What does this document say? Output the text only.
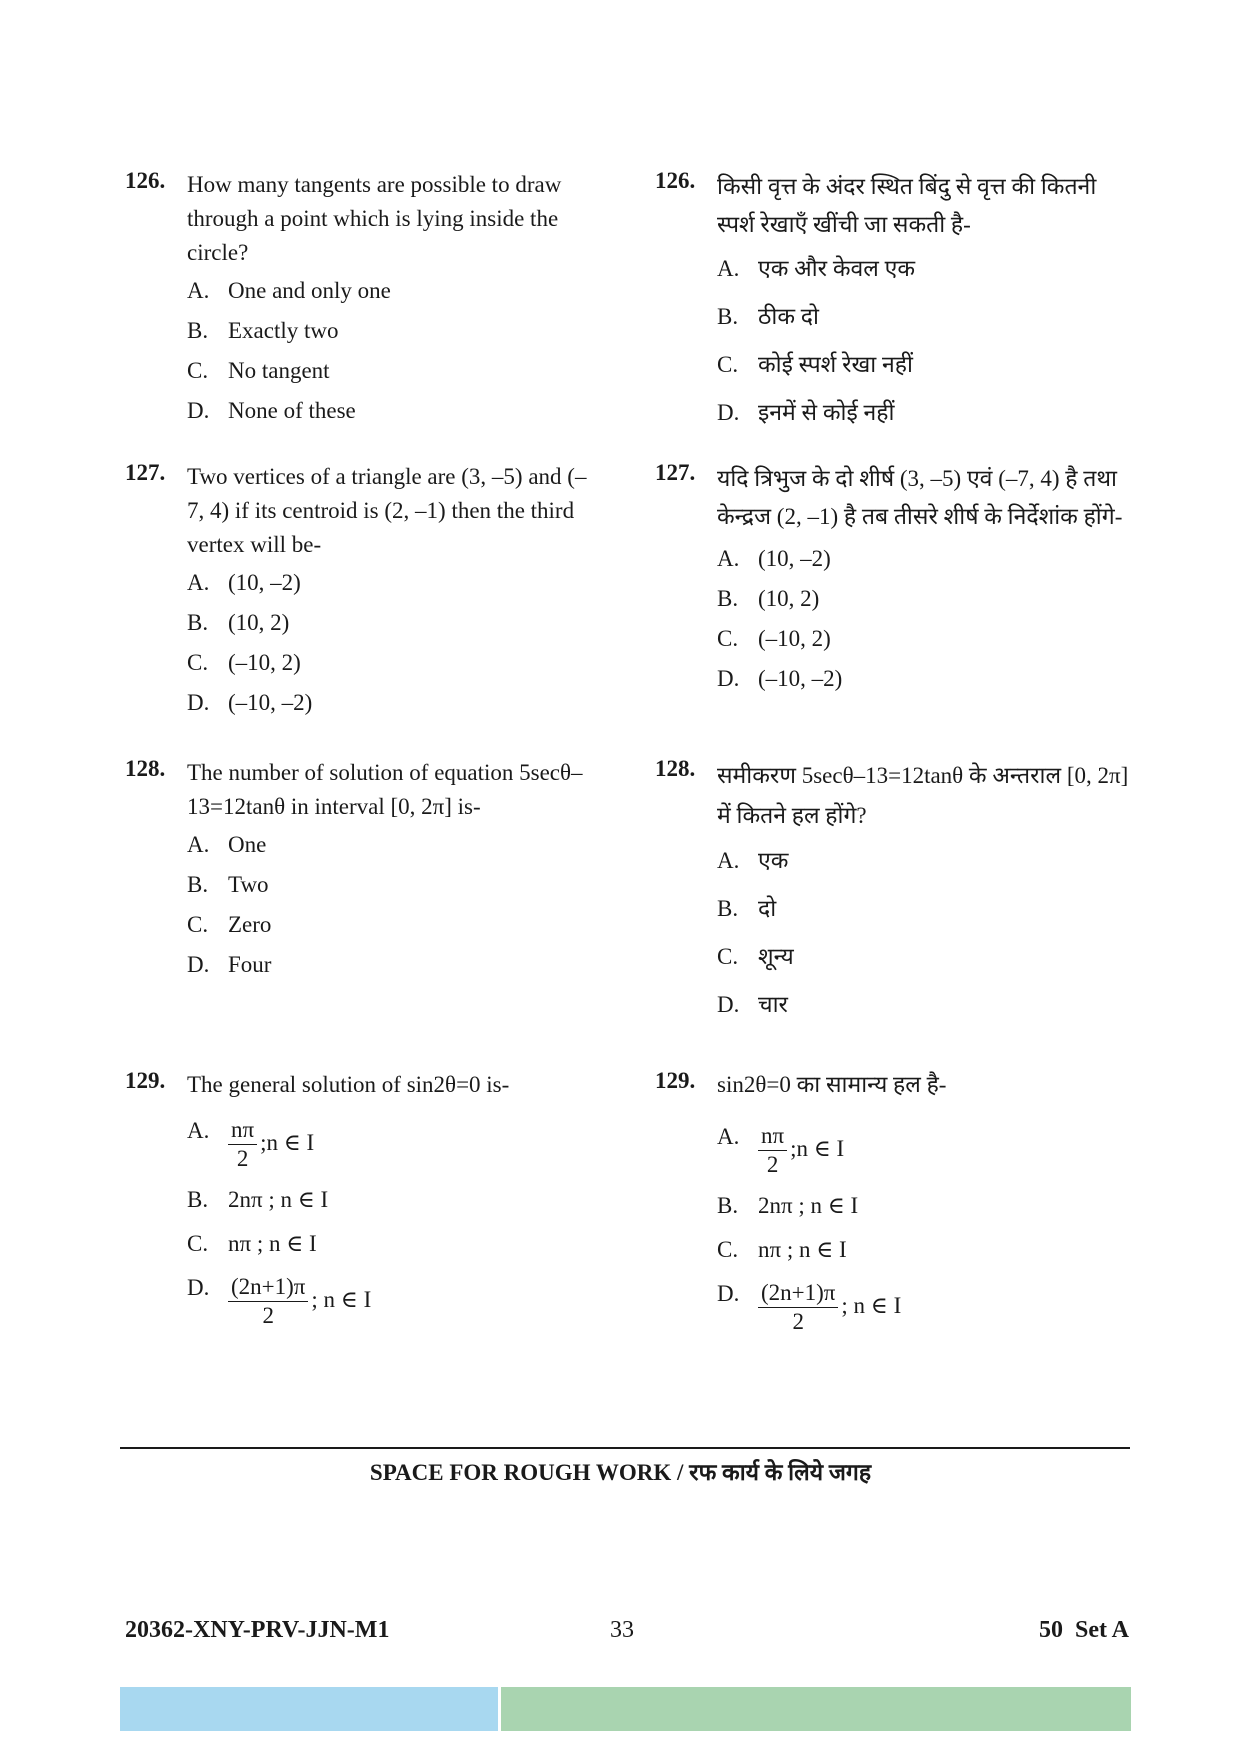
126. How many tangents are possible to draw through a point which is lying inside the circle?

A. One and only one
B. Exactly two
C. No tangent
D. None of these
127. Two vertices of a triangle are (3, –5) and (–7, 4) if its centroid is (2, –1) then the third vertex will be-

A. (10, –2)
B. (10, 2)
C. (–10, 2)
D. (–10, –2)
128. The number of solution of equation 5secθ–13=12tanθ in interval [0, 2π] is-

A. One
B. Two
C. Zero
D. Four
129. The general solution of sin2θ=0 is-

A. $\frac{n\pi}{2}$ ;n ∈ I
B. 2nπ ; n ∈ I
C. nπ ; n ∈ I
D. $\frac{(2n+1)\pi}{2}$ ; n ∈ I
126. किसी वृत्त के अंदर स्थित बिंदु से वृत्त की कितनी स्पर्श रेखाएँ खींची जा सकती है-

A. एक और केवल एक
B. ठीक दो
C. कोई स्पर्श रेखा नहीं
D. इनमें से कोई नहीं
127. यदि त्रिभुज के दो शीर्ष (3, –5) एवं (–7, 4) है तथा केन्द्रज (2, –1) है तब तीसरे शीर्ष के निर्देशांक होंगे-

A. (10, –2)
B. (10, 2)
C. (–10, 2)
D. (–10, –2)
128. समीकरण 5secθ–13=12tanθ के अन्तराल [0, 2π] में कितने हल होंगे?

A. एक
B. दो
C. शून्य
D. चार
129. sin2θ=0 का सामान्य हल है-

A. $\frac{n\pi}{2}$ ;n ∈ I
B. 2nπ ; n ∈ I
C. nπ ; n ∈ I
D. $\frac{(2n+1)\pi}{2}$ ; n ∈ I
SPACE FOR ROUGH WORK / रफ कार्य के लिये जगह
20362-XNY-PRV-JJN-M1	33	50  Set A
